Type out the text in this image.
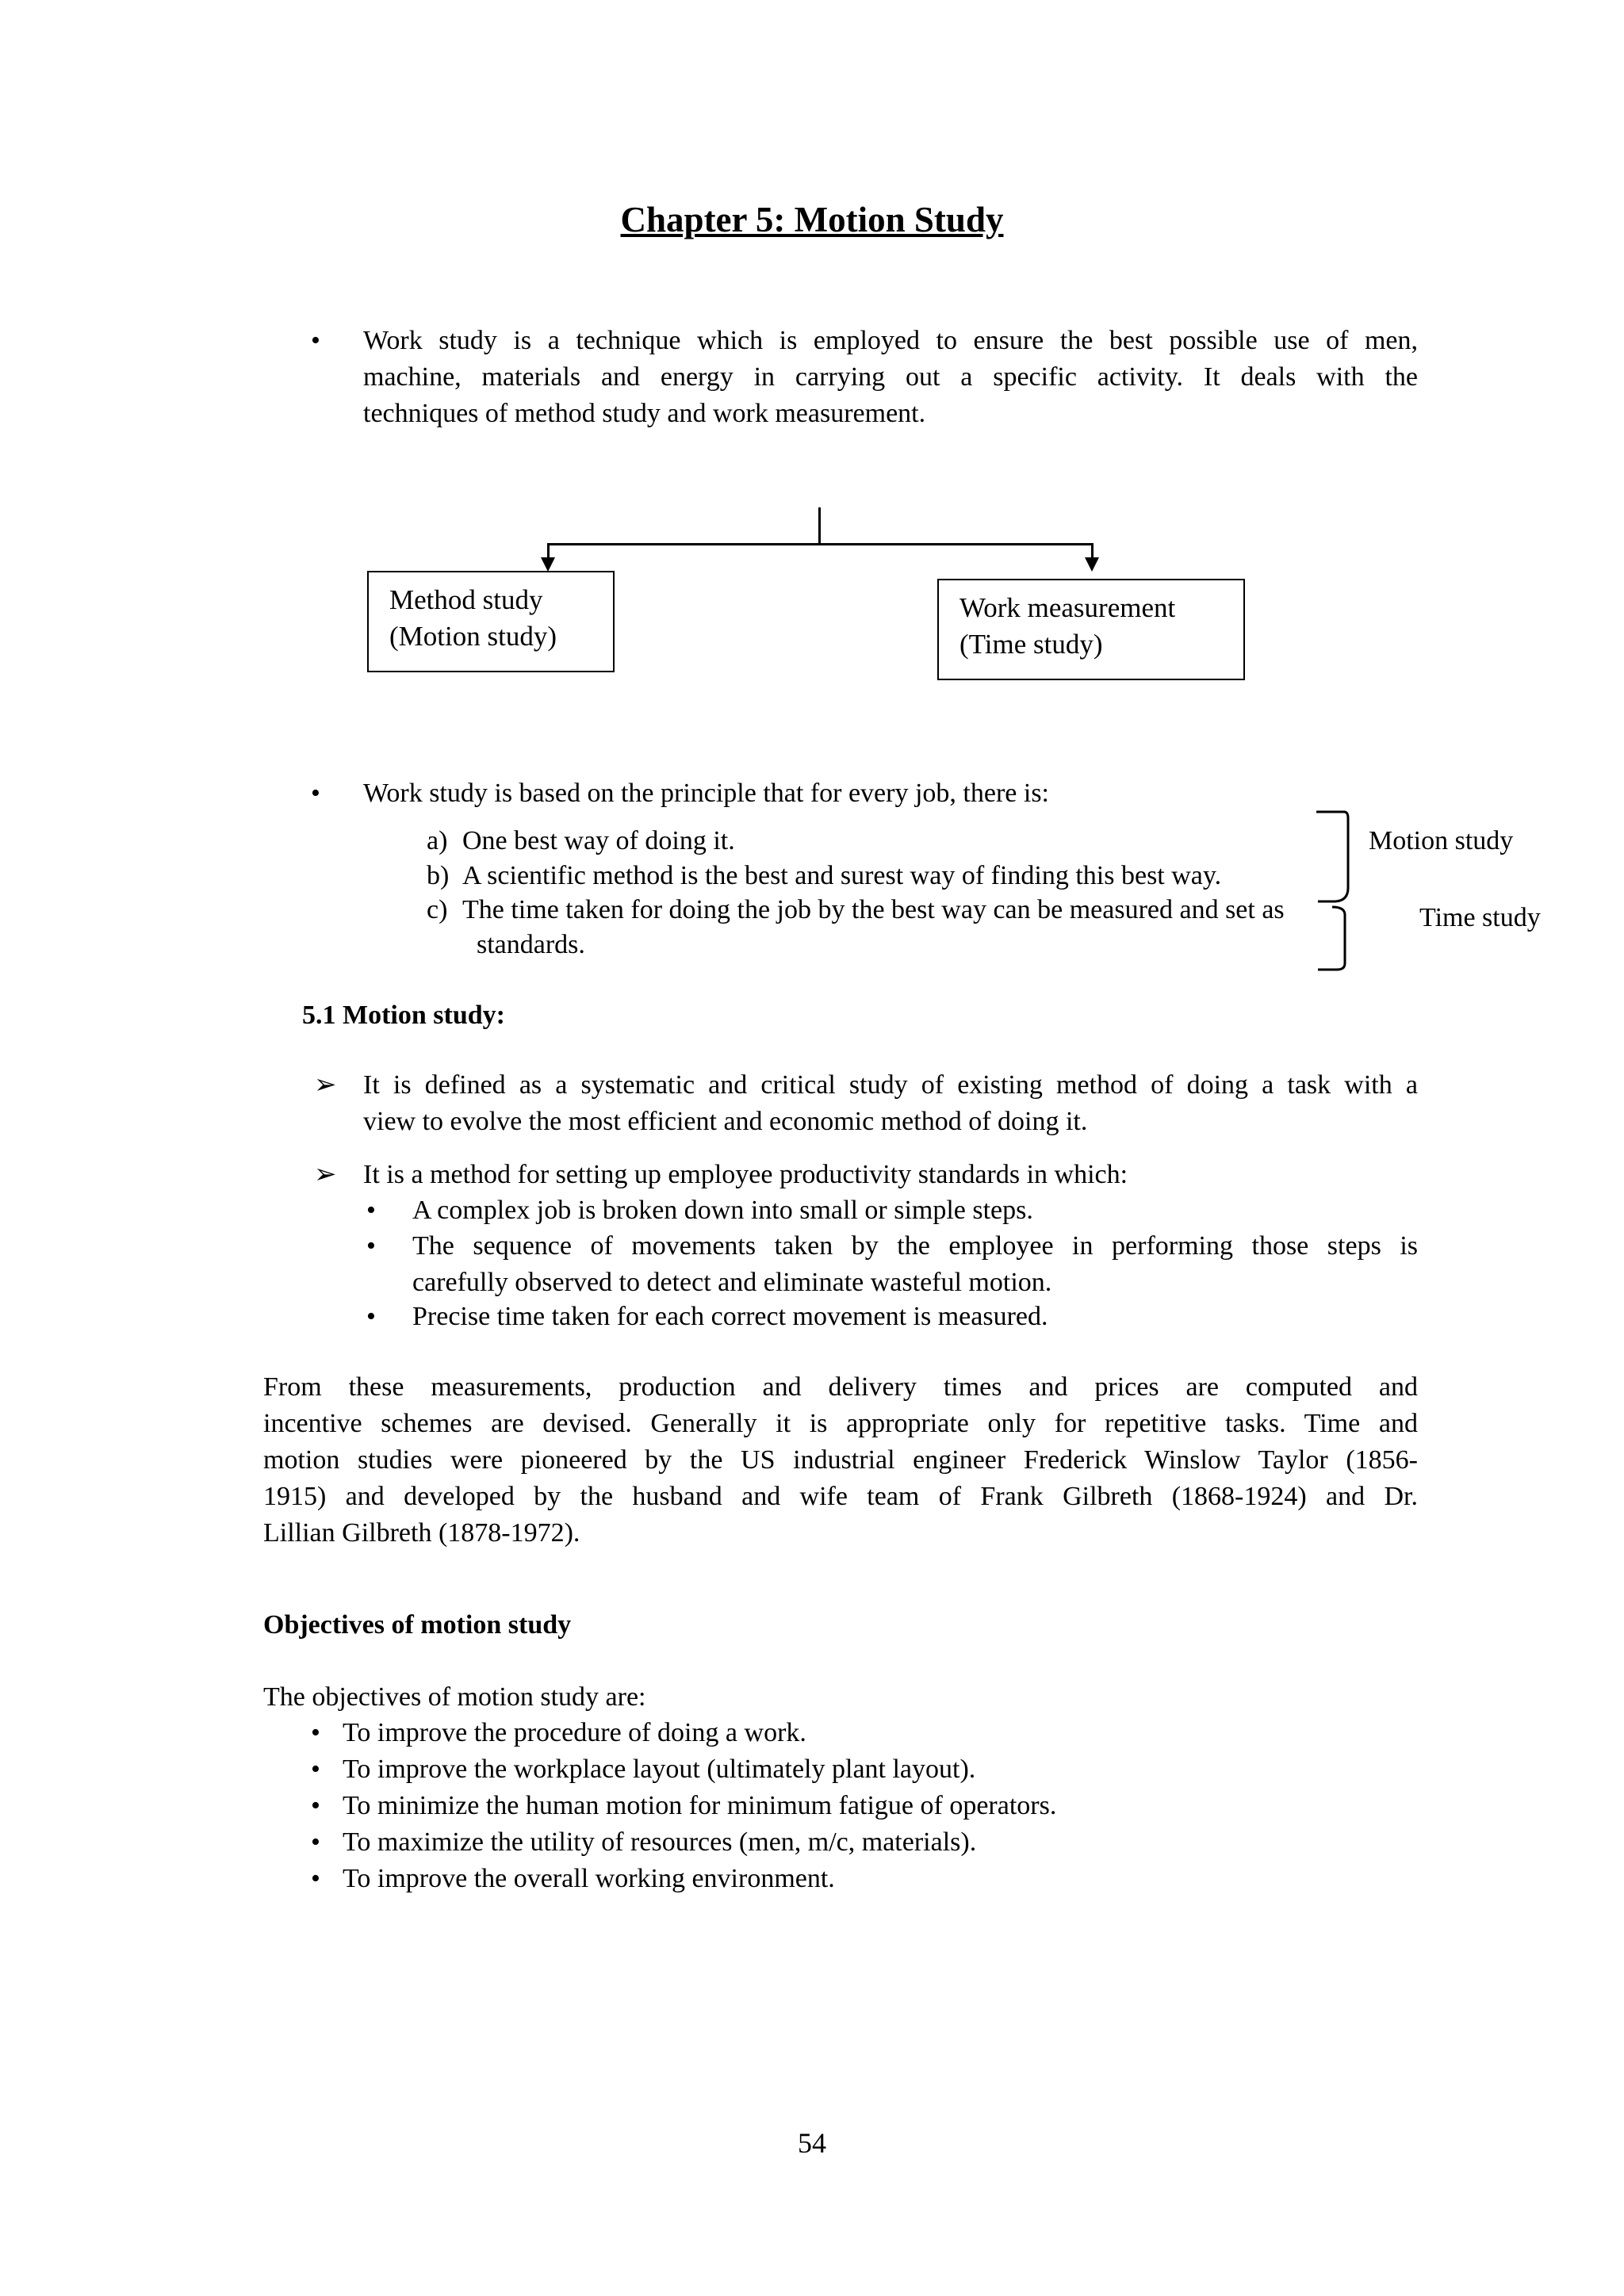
Chapter 5: Motion Study
• Work study is a technique which is employed to ensure the best possible use of men,
machine, materials and energy in carrying out a specific activity. It deals with the
techniques of method study and work measurement.
Method study
(Motion study)
Work measurement
(Time study)
• Work study is based on the principle that for every job, there is:
a) One best way of doing it.
b) A scientific method is the best and surest way of finding this best way.
c) The time taken for doing the job by the best way can be measured and set as
standards.
Motion study
Time study
5.1 Motion study:
➢ It is defined as a systematic and critical study of existing method of doing a task with a
view to evolve the most efficient and economic method of doing it.
➢ It is a method for setting up employee productivity standards in which:
• A complex job is broken down into small or simple steps.
• The sequence of movements taken by the employee in performing those steps is
carefully observed to detect and eliminate wasteful motion.
• Precise time taken for each correct movement is measured.
From these measurements, production and delivery times and prices are computed and
incentive schemes are devised. Generally it is appropriate only for repetitive tasks. Time and
motion studies were pioneered by the US industrial engineer Frederick Winslow Taylor (1856-
1915) and developed by the husband and wife team of Frank Gilbreth (1868-1924) and Dr.
Lillian Gilbreth (1878-1972).
Objectives of motion study
The objectives of motion study are:
• To improve the procedure of doing a work.
• To improve the workplace layout (ultimately plant layout).
• To minimize the human motion for minimum fatigue of operators.
• To maximize the utility of resources (men, m/c, materials).
• To improve the overall working environment.
54
